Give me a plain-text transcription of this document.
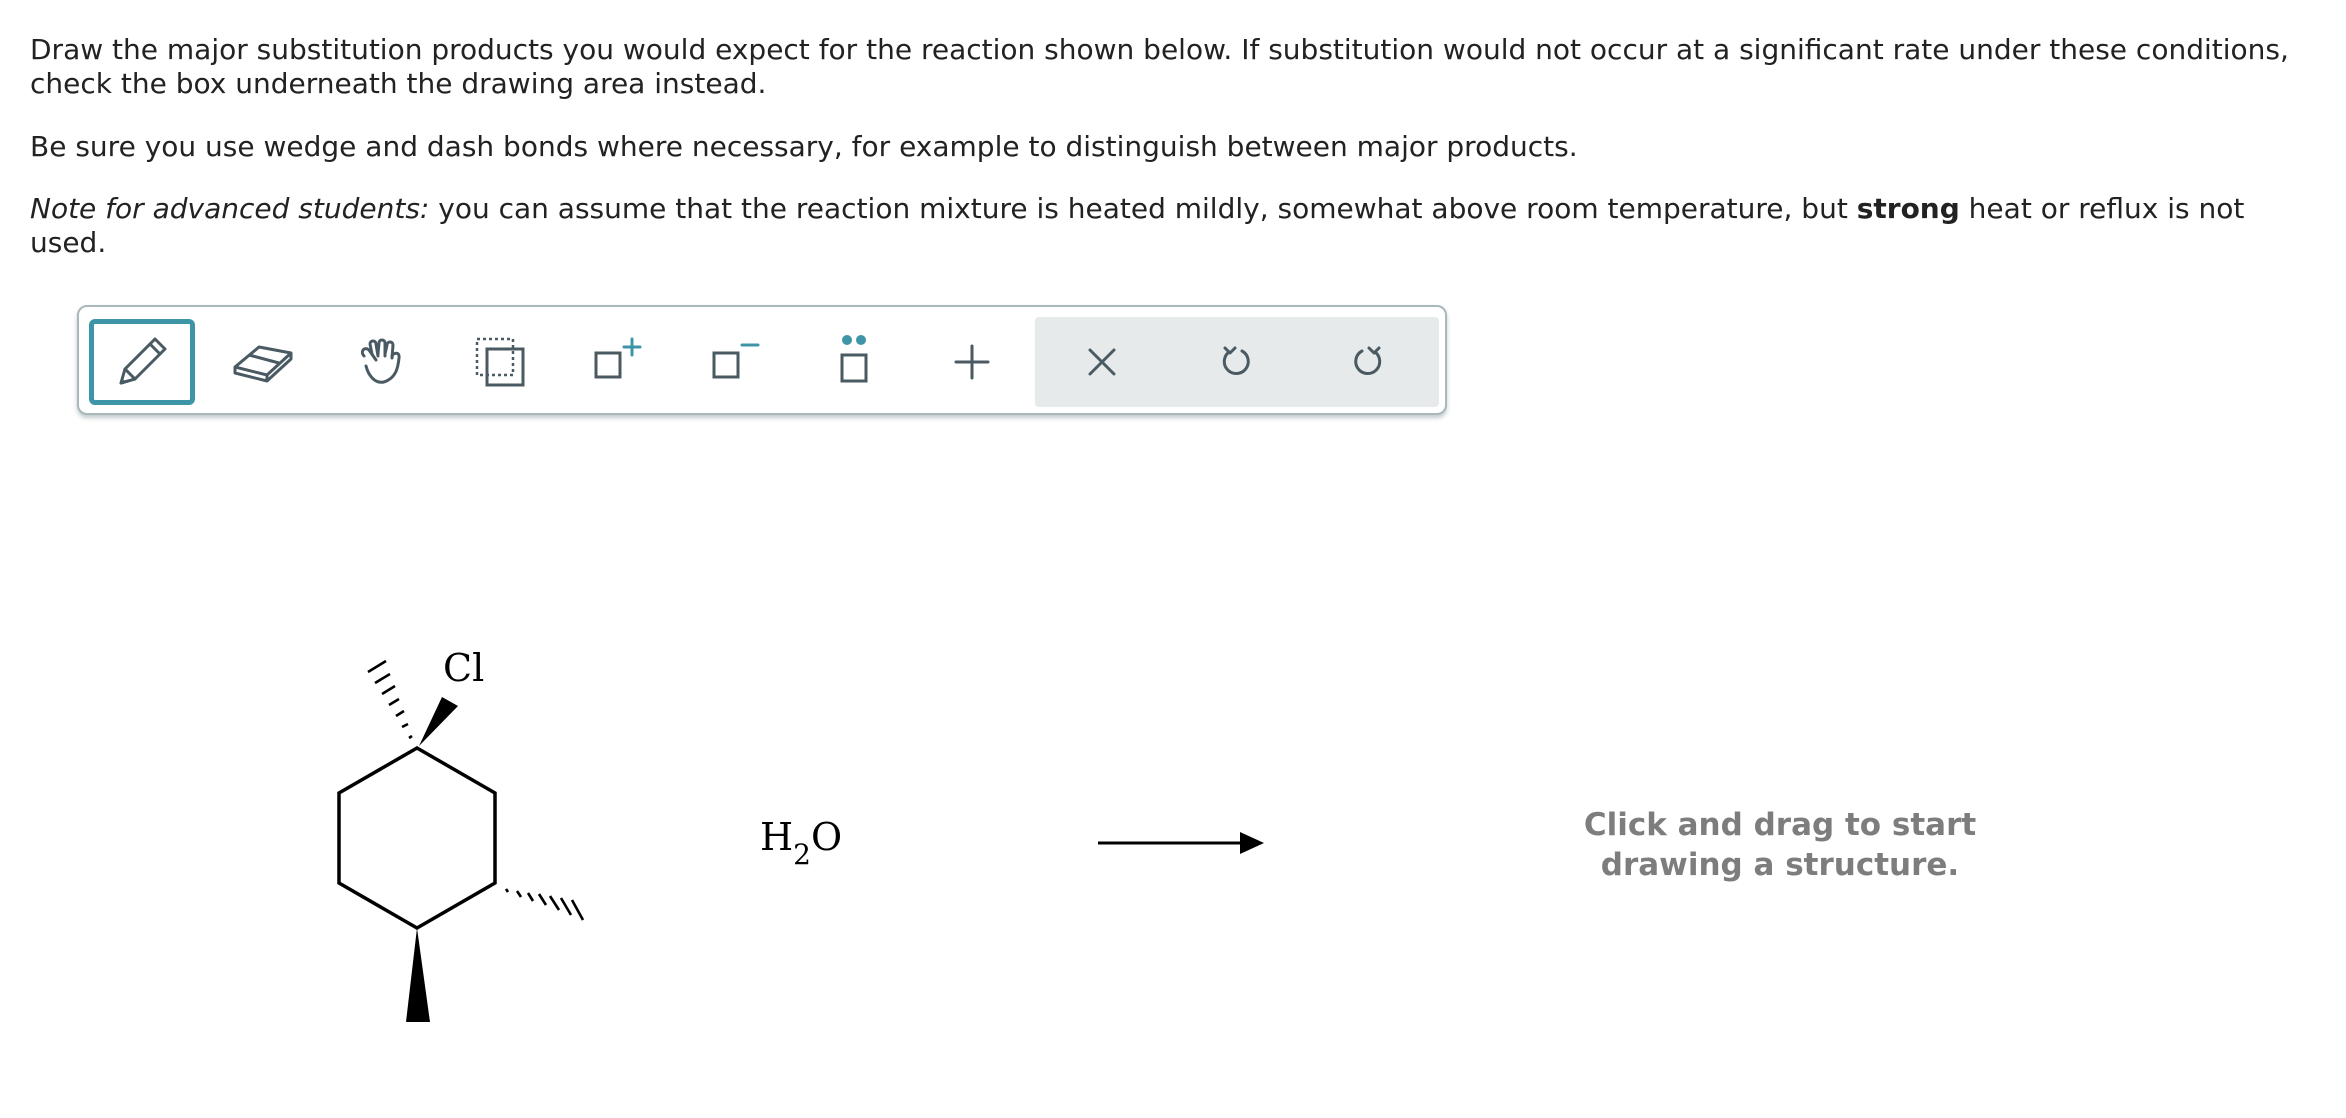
Draw the major substitution products you would expect for the reaction shown below. If substitution would not occur at a significant rate under these conditions, check the box underneath the drawing area instead.

Be sure you use wedge and dash bonds where necessary, for example to distinguish between major products.

Note for advanced students: you can assume that the reaction mixture is heated mildly, somewhat above room temperature, but strong heat or reflux is not used.

Cl
$H_2O$	Click and drag to start
drawing a structure.
